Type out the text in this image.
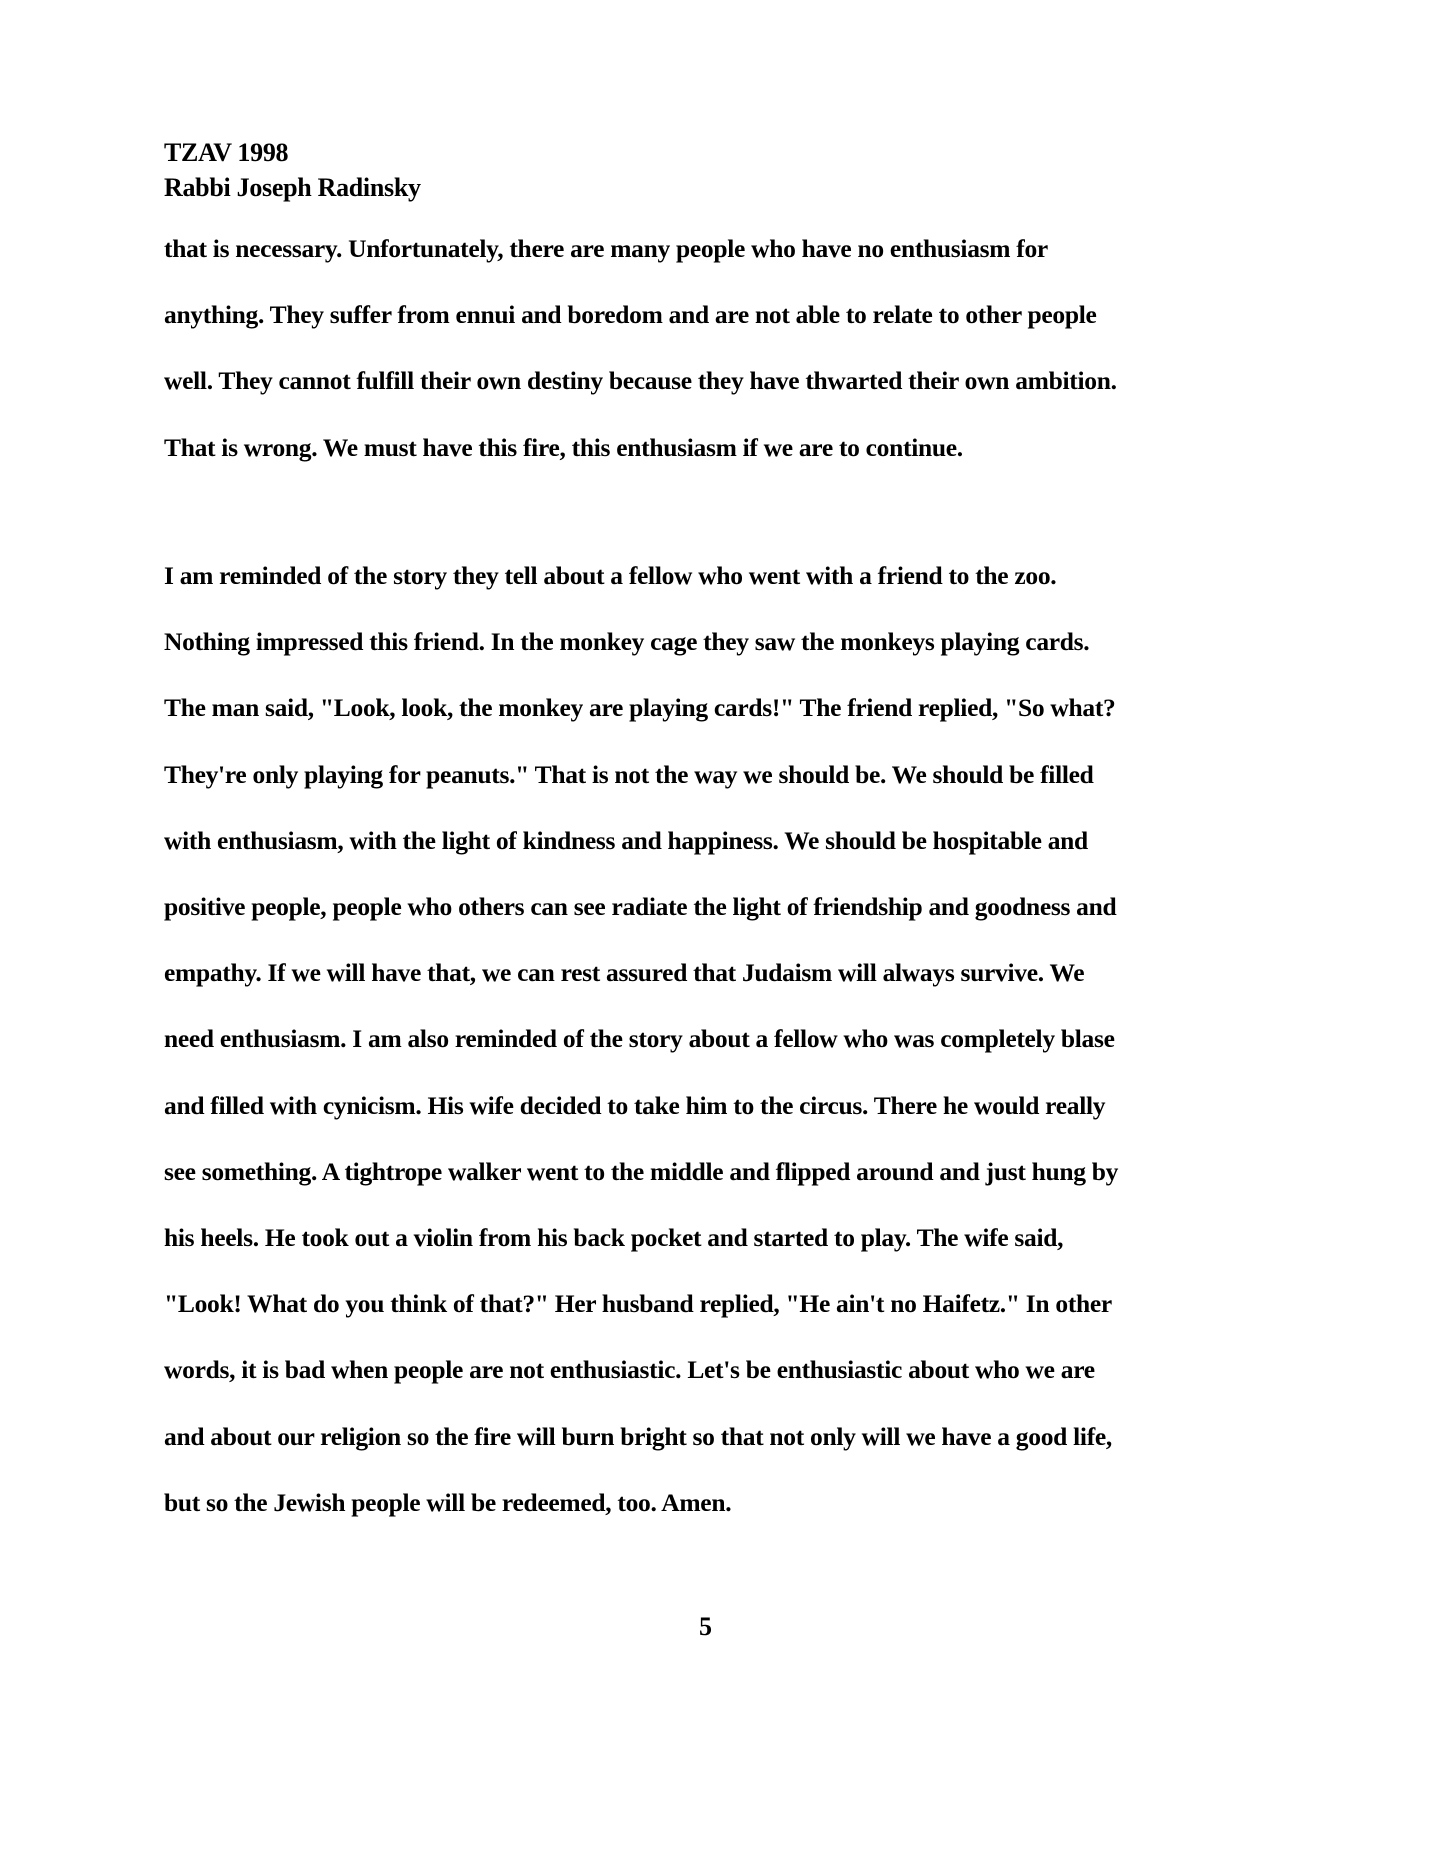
TZAV 1998
Rabbi Joseph Radinsky
that is necessary. Unfortunately, there are many people who have no enthusiasm for
anything. They suffer from ennui and boredom and are not able to relate to other people
well. They cannot fulfill their own destiny because they have thwarted their own ambition.
That is wrong. We must have this fire, this enthusiasm if we are to continue.
I am reminded of the story they tell about a fellow who went with a friend to the zoo.
Nothing impressed this friend. In the monkey cage they saw the monkeys playing cards.
The man said, "Look, look, the monkey are playing cards!" The friend replied, "So what?
They're only playing for peanuts." That is not the way we should be. We should be filled
with enthusiasm, with the light of kindness and happiness. We should be hospitable and
positive people, people who others can see radiate the light of friendship and goodness and
empathy. If we will have that, we can rest assured that Judaism will always survive. We
need enthusiasm. I am also reminded of the story about a fellow who was completely blase
and filled with cynicism. His wife decided to take him to the circus. There he would really
see something. A tightrope walker went to the middle and flipped around and just hung by
his heels. He took out a violin from his back pocket and started to play. The wife said,
"Look! What do you think of that?" Her husband replied, "He ain't no Haifetz." In other
words, it is bad when people are not enthusiastic. Let's be enthusiastic about who we are
and about our religion so the fire will burn bright so that not only will we have a good life,
but so the Jewish people will be redeemed, too. Amen.
5
